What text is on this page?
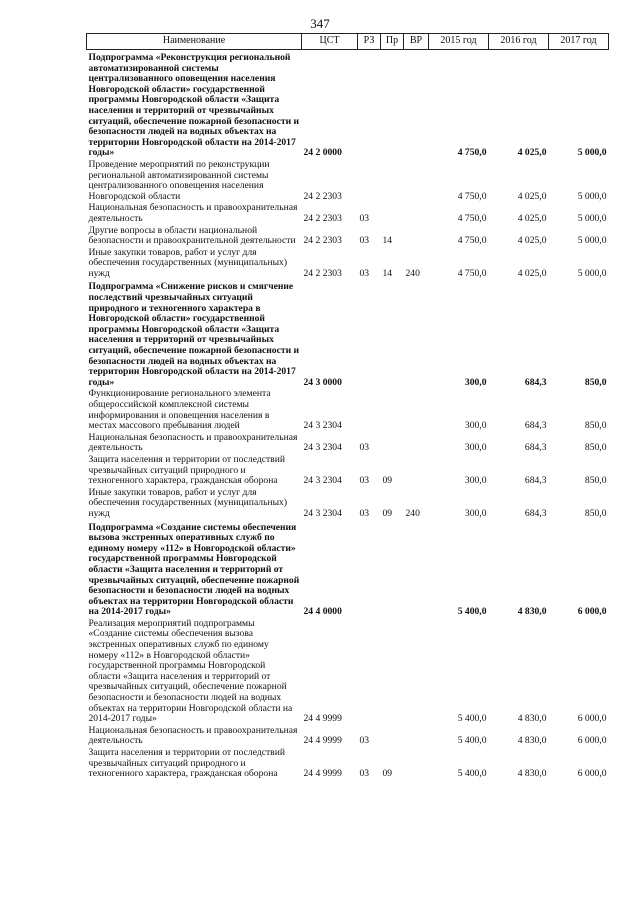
347
Наименование	ЦСТ	РЗ	Пр	ВР	2015 год	2016 год	2017 год
Подпрограмма «Реконструкция региональной автоматизированной системы централизованного оповещения населения Новгородской области» государственной программы Новгородской области «Защита населения и территорий от чрезвычайных ситуаций, обеспечение пожарной безопасности и безопасности людей на водных объектах на территории Новгородской области на 2014-2017 годы»	24 2 0000				4 750,0	4 025,0	5 000,0
Проведение мероприятий по реконструкции региональной автоматизированной системы централизованного оповещения населения Новгородской области	24 2 2303				4 750,0	4 025,0	5 000,0
Национальная безопасность и правоохранительная деятельность	24 2 2303	03			4 750,0	4 025,0	5 000,0
Другие вопросы в области национальной безопасности и правоохранительной деятельности	24 2 2303	03	14		4 750,0	4 025,0	5 000,0
Иные закупки товаров, работ и услуг для обеспечения государственных (муниципальных) нужд	24 2 2303	03	14	240	4 750,0	4 025,0	5 000,0
Подпрограмма «Снижение рисков и смягчение последствий чрезвычайных ситуаций природного и техногенного характера в Новгородской области» государственной программы Новгородской области «Защита населения и территорий от чрезвычайных ситуаций, обеспечение пожарной безопасности и безопасности людей на водных объектах на территории Новгородской области на 2014-2017 годы»	24 3 0000				300,0	684,3	850,0
Функционирование регионального элемента общероссийской комплексной системы информирования и оповещения населения в местах массового пребывания людей	24 3 2304				300,0	684,3	850,0
Национальная безопасность и правоохранительная деятельность	24 3 2304	03			300,0	684,3	850,0
Защита населения и территории от последствий чрезвычайных ситуаций природного и техногенного характера, гражданская оборона	24 3 2304	03	09		300,0	684,3	850,0
Иные закупки товаров, работ и услуг для обеспечения государственных (муниципальных) нужд	24 3 2304	03	09	240	300,0	684,3	850,0
Подпрограмма «Создание системы обеспечения вызова экстренных оперативных служб по единому номеру «112» в Новгородской области» государственной программы Новгородской области «Защита населения и территорий от чрезвычайных ситуаций, обеспечение пожарной безопасности и безопасности людей на водных объектах на территории Новгородской области на 2014-2017 годы»	24 4 0000				5 400,0	4 830,0	6 000,0
Реализация мероприятий подпрограммы «Создание системы обеспечения вызова экстренных оперативных служб по единому номеру «112» в Новгородской области» государственной программы Новгородской области «Защита населения и территорий от чрезвычайных ситуаций, обеспечение пожарной безопасности и безопасности людей на водных объектах на территории Новгородской области на 2014-2017 годы»	24 4 9999				5 400,0	4 830,0	6 000,0
Национальная безопасность и правоохранительная деятельность	24 4 9999	03			5 400,0	4 830,0	6 000,0
Защита населения и территории от последствий чрезвычайных ситуаций природного и техногенного характера, гражданская оборона	24 4 9999	03	09		5 400,0	4 830,0	6 000,0
